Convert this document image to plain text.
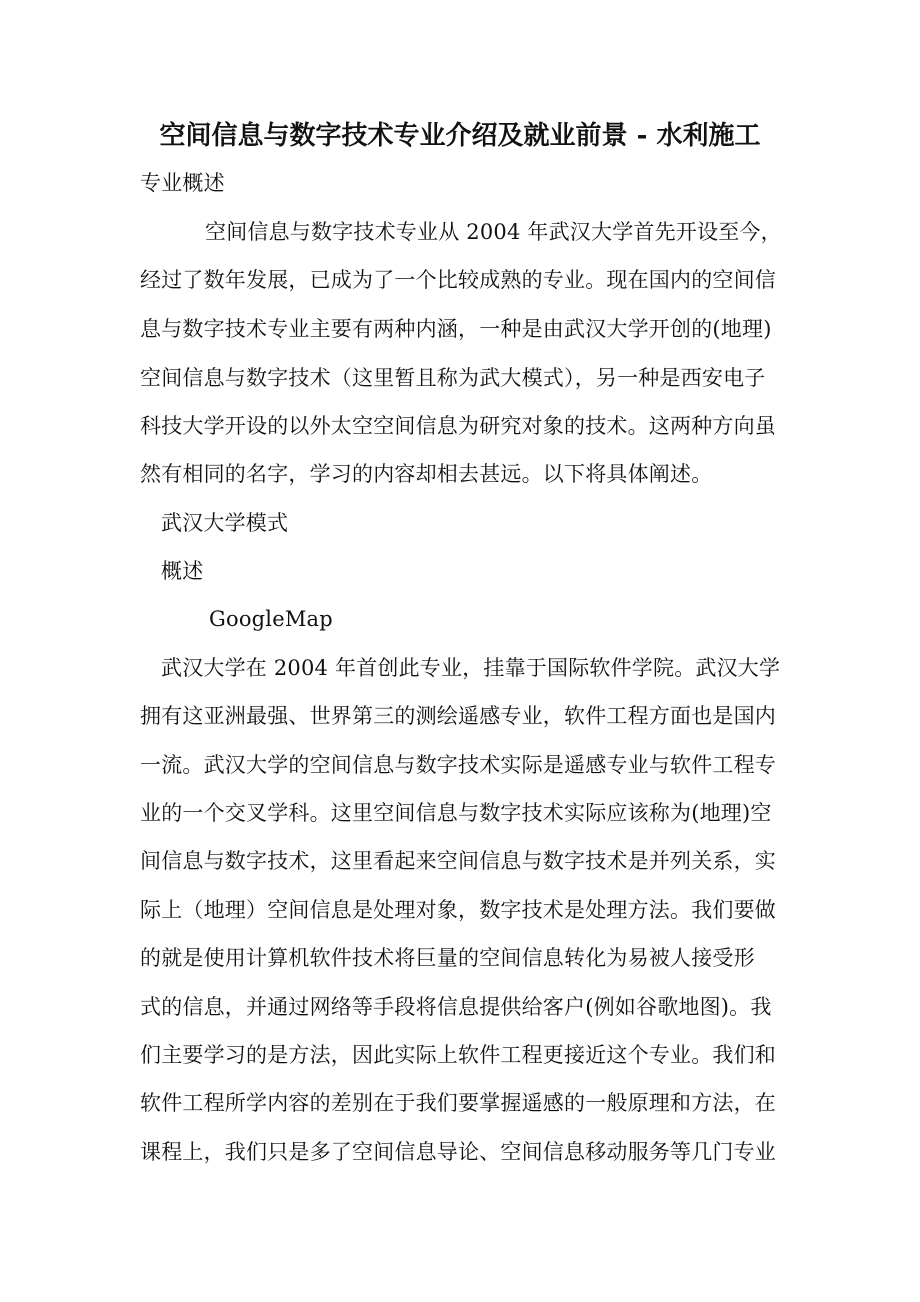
空间信息与数字技术专业介绍及就业前景 - 水利施工
专业概述
空间信息与数字技术专业从 2004 年武汉大学首先开设至今，
经过了数年发展，已成为了一个比较成熟的专业。现在国内的空间信
息与数字技术专业主要有两种内涵，一种是由武汉大学开创的(地理)
空间信息与数字技术（这里暂且称为武大模式），另一种是西安电子
科技大学开设的以外太空空间信息为研究对象的技术。这两种方向虽
然有相同的名字，学习的内容却相去甚远。以下将具体阐述。
武汉大学模式
概述
GoogleMap
武汉大学在 2004 年首创此专业，挂靠于国际软件学院。武汉大学
拥有这亚洲最强、世界第三的测绘遥感专业，软件工程方面也是国内
一流。武汉大学的空间信息与数字技术实际是遥感专业与软件工程专
业的一个交叉学科。这里空间信息与数字技术实际应该称为(地理)空
间信息与数字技术，这里看起来空间信息与数字技术是并列关系，实
际上（地理）空间信息是处理对象，数字技术是处理方法。我们要做
的就是使用计算机软件技术将巨量的空间信息转化为易被人接受形
式的信息，并通过网络等手段将信息提供给客户(例如谷歌地图)。我
们主要学习的是方法，因此实际上软件工程更接近这个专业。我们和
软件工程所学内容的差别在于我们要掌握遥感的一般原理和方法，在
课程上，我们只是多了空间信息导论、空间信息移动服务等几门专业
